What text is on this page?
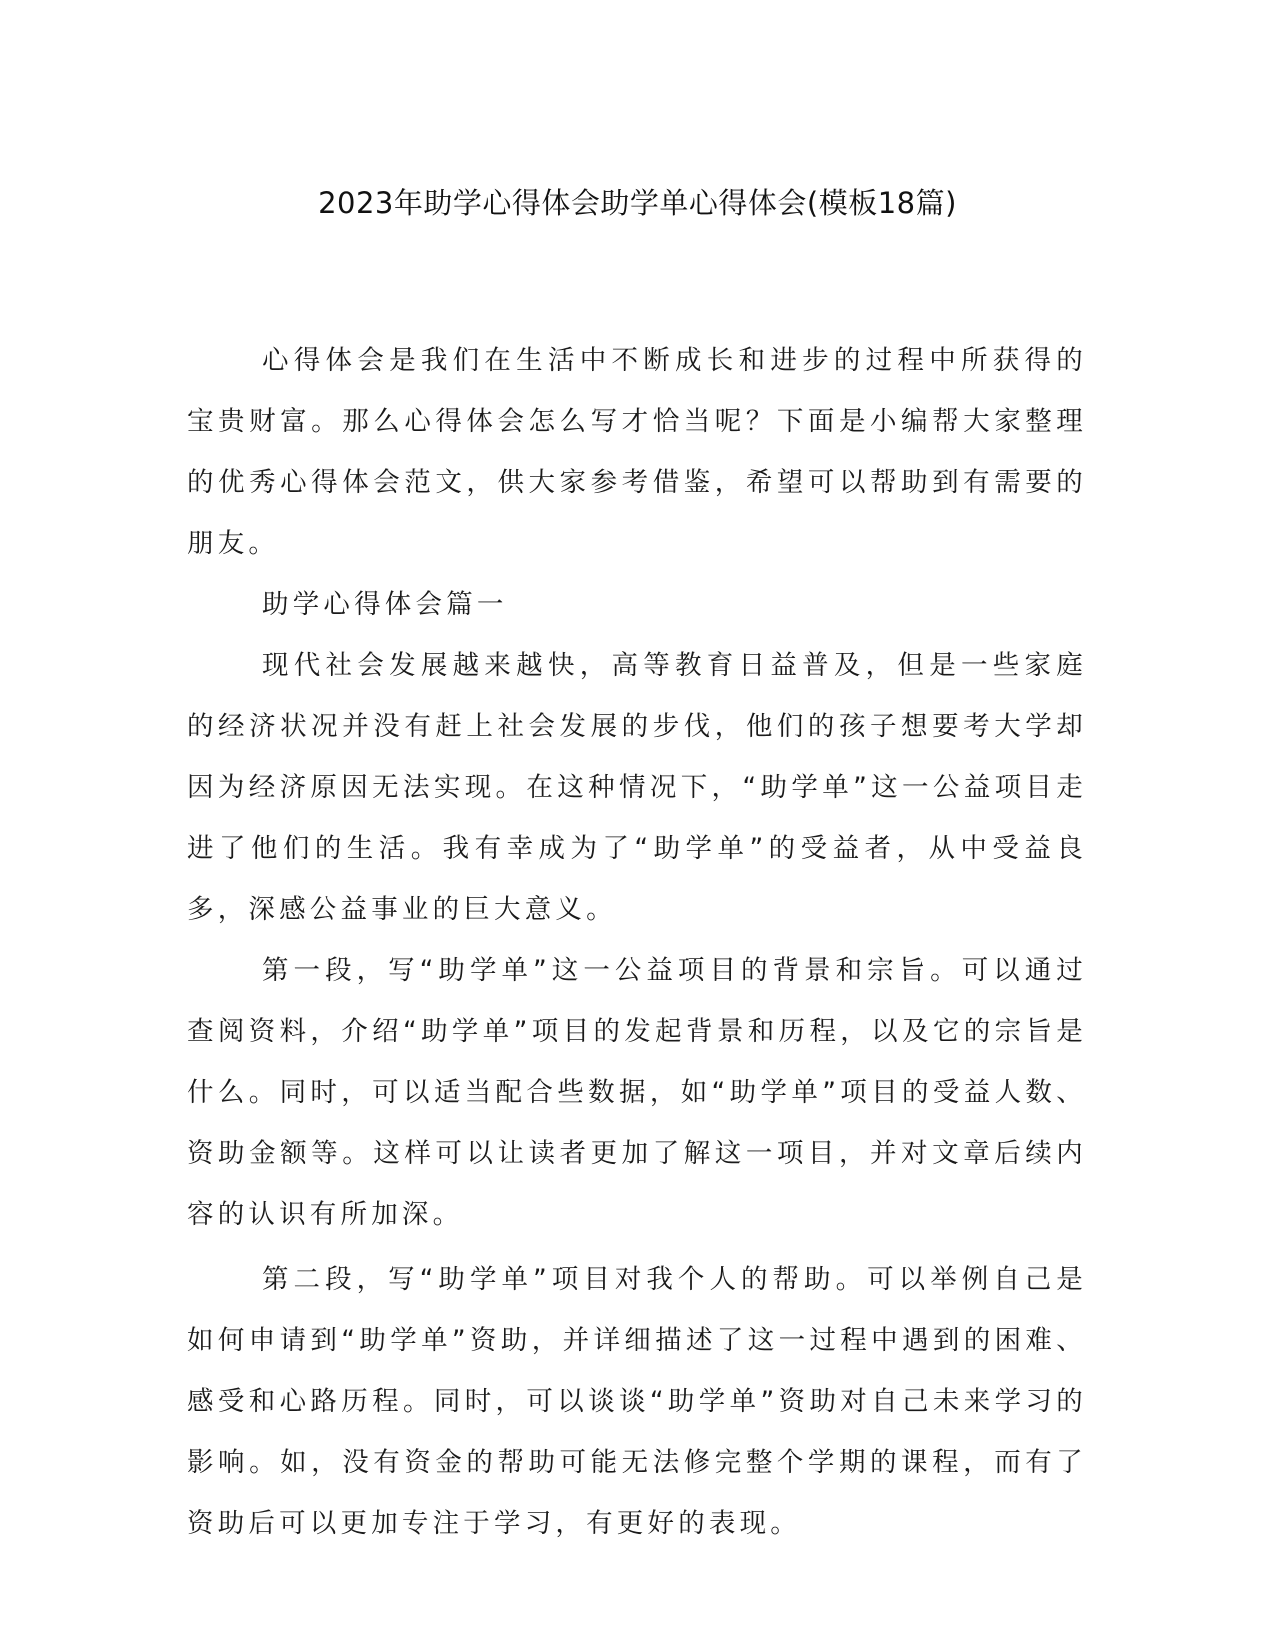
2023年助学心得体会助学单心得体会(模板18篇)

心得体会是我们在生活中不断成长和进步的过程中所获得的宝贵财富。那么心得体会怎么写才恰当呢？下面是小编帮大家整理的优秀心得体会范文，供大家参考借鉴，希望可以帮助到有需要的朋友。

助学心得体会篇一

现代社会发展越来越快，高等教育日益普及，但是一些家庭的经济状况并没有赶上社会发展的步伐，他们的孩子想要考大学却因为经济原因无法实现。在这种情况下，“助学单”这一公益项目走进了他们的生活。我有幸成为了“助学单”的受益者，从中受益良多，深感公益事业的巨大意义。

第一段，写“助学单”这一公益项目的背景和宗旨。可以通过查阅资料，介绍“助学单”项目的发起背景和历程，以及它的宗旨是什么。同时，可以适当配合些数据，如“助学单”项目的受益人数、资助金额等。这样可以让读者更加了解这一项目，并对文章后续内容的认识有所加深。

第二段，写“助学单”项目对我个人的帮助。可以举例自己是如何申请到“助学单”资助，并详细描述了这一过程中遇到的困难、感受和心路历程。同时，可以谈谈“助学单”资助对自己未来学习的影响。如，没有资金的帮助可能无法修完整个学期的课程，而有了资助后可以更加专注于学习，有更好的表现。
